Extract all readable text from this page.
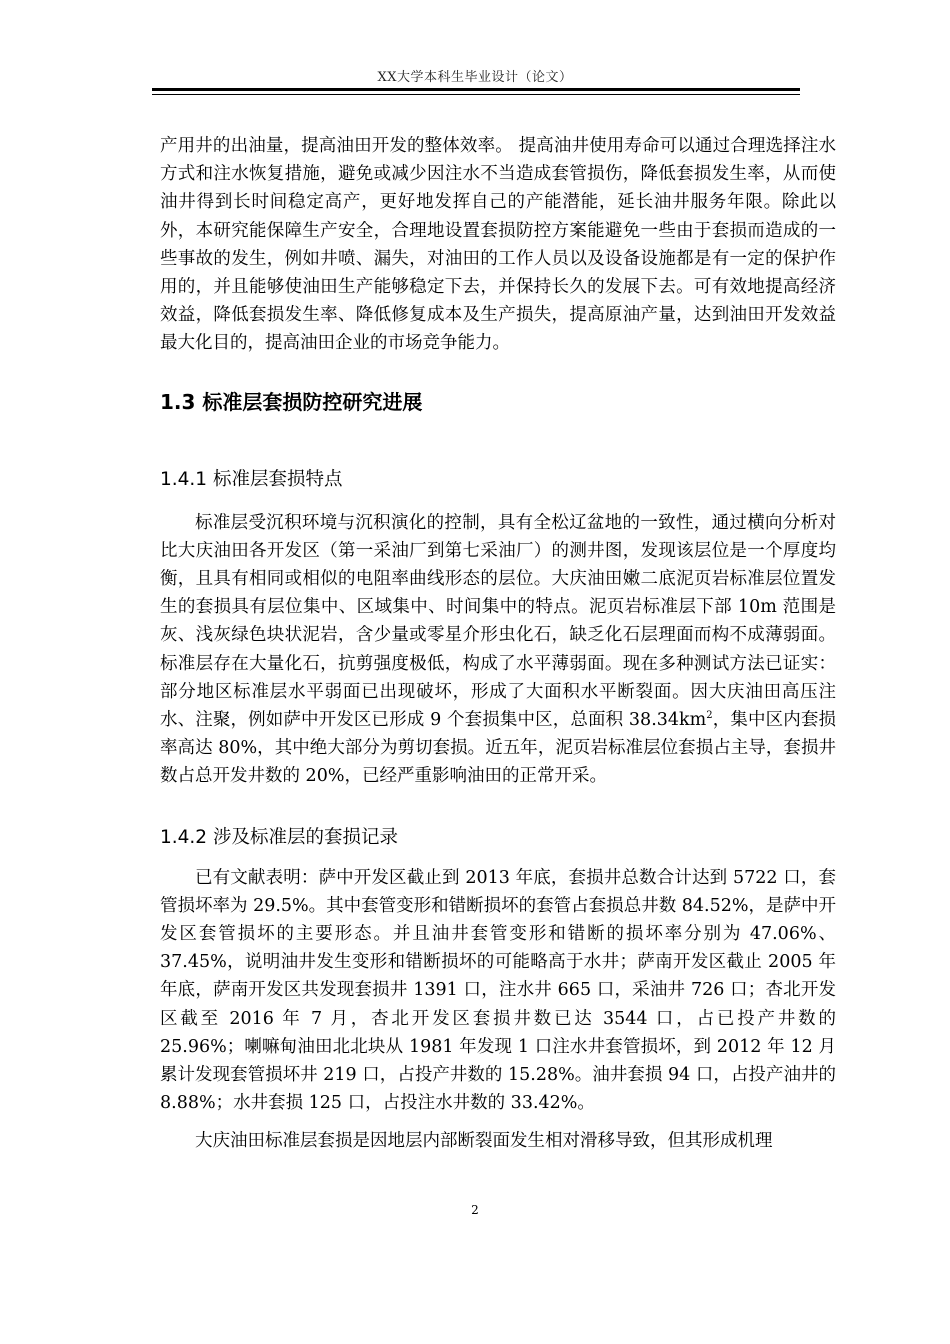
XX大学本科生毕业设计（论文）

产用井的出油量，提高油田开发的整体效率。 提高油井使用寿命可以通过合理选择注水方式和注水恢复措施，避免或减少因注水不当造成套管损伤，降低套损发生率，从而使油井得到长时间稳定高产，更好地发挥自己的产能潜能，延长油井服务年限。除此以外，本研究能保障生产安全，合理地设置套损防控方案能避免一些由于套损而造成的一些事故的发生，例如井喷、漏失，对油田的工作人员以及设备设施都是有一定的保护作用的，并且能够使油田生产能够稳定下去，并保持长久的发展下去。可有效地提高经济效益，降低套损发生率、降低修复成本及生产损失，提高原油产量，达到油田开发效益最大化目的，提高油田企业的市场竞争能力。

1.3 标准层套损防控研究进展
1.4.1 标准层套损特点

标准层受沉积环境与沉积演化的控制，具有全松辽盆地的一致性，通过横向分析对比大庆油田各开发区（第一采油厂到第七采油厂）的测井图，发现该层位是一个厚度均衡，且具有相同或相似的电阻率曲线形态的层位。大庆油田嫩二底泥页岩标准层位置发生的套损具有层位集中、区域集中、时间集中的特点。泥页岩标准层下部 10m 范围是灰、浅灰绿色块状泥岩，含少量或零星介形虫化石，缺乏化石层理面而构不成薄弱面。标准层存在大量化石，抗剪强度极低，构成了水平薄弱面。现在多种测试方法已证实：部分地区标准层水平弱面已出现破坏，形成了大面积水平断裂面。因大庆油田高压注水、注聚，例如萨中开发区已形成 9 个套损集中区，总面积 $38.34km^2$，集中区内套损率高达 80%，其中绝大部分为剪切套损。近五年，泥页岩标准层位套损占主导，套损井数占总开发井数的 20%，已经严重影响油田的正常开采。

1.4.2 涉及标准层的套损记录

已有文献表明：萨中开发区截止到 2013 年底，套损井总数合计达到 5722 口，套管损坏率为 29.5%。其中套管变形和错断损坏的套管占套损总井数 84.52%，是萨中开发区套管损坏的主要形态。并且油井套管变形和错断的损坏率分别为 47.06%、37.45%，说明油井发生变形和错断损坏的可能略高于水井；萨南开发区截止 2005 年年底，萨南开发区共发现套损井 1391 口，注水井 665 口，采油井 726 口；杏北开发区截至 2016 年 7 月，杏北开发区套损井数已达 3544 口，占已投产井数的 25.96%；喇嘛甸油田北北块从 1981 年发现 1 口注水井套管损坏，到 2012 年 12 月累计发现套管损坏井 219 口，占投产井数的 15.28%。油井套损 94 口，占投产油井的 8.88%；水井套损 125 口，占投注水井数的 33.42%。

大庆油田标准层套损是因地层内部断裂面发生相对滑移导致，但其形成机理

2
